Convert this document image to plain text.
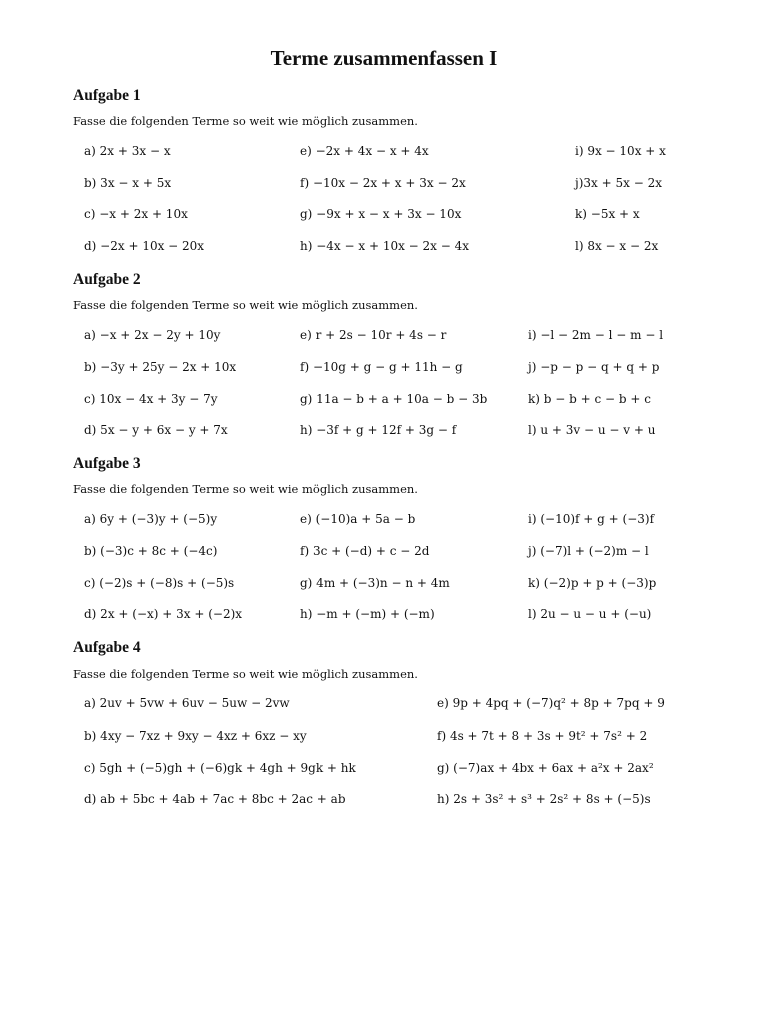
Terme zusammenfassen I
Aufgabe 1
Fasse die folgenden Terme so weit wie möglich zusammen.
a) 2x + 3x − x	e) −2x + 4x − x + 4x	i) 9x − 10x + x
b) 3x − x + 5x	f) −10x − 2x + x + 3x − 2x	j)3x + 5x − 2x
c) −x + 2x + 10x	g) −9x + x − x + 3x − 10x	k) −5x + x
d) −2x + 10x − 20x	h) −4x − x + 10x − 2x − 4x	l) 8x − x − 2x
Aufgabe 2
Fasse die folgenden Terme so weit wie möglich zusammen.
a) −x + 2x − 2y + 10y	e) r + 2s − 10r + 4s − r	i) −l − 2m − l − m − l
b) −3y + 25y − 2x + 10x	f) −10g + g − g + 11h − g	j) −p − p − q + q + p
c) 10x − 4x + 3y − 7y	g) 11a − b + a + 10a − b − 3b	k) b − b + c − b + c
d) 5x − y + 6x − y + 7x	h) −3f + g + 12f + 3g − f	l) u + 3v − u − v + u
Aufgabe 3
Fasse die folgenden Terme so weit wie möglich zusammen.
a) 6y + (−3)y + (−5)y	e) (−10)a + 5a − b	i) (−10)f + g + (−3)f
b) (−3)c + 8c + (−4c)	f) 3c + (−d) + c − 2d	j) (−7)l + (−2)m − l
c) (−2)s + (−8)s + (−5)s	g) 4m + (−3)n − n + 4m	k) (−2)p + p + (−3)p
d) 2x + (−x) + 3x + (−2)x	h) −m + (−m) + (−m)	l) 2u − u − u + (−u)
Aufgabe 4
Fasse die folgenden Terme so weit wie möglich zusammen.
a) 2uv + 5vw + 6uv − 5uw − 2vw	e) 9p + 4pq + (−7)q² + 8p + 7pq + 9
b) 4xy − 7xz + 9xy − 4xz + 6xz − xy	f) 4s + 7t + 8 + 3s + 9t² + 7s² + 2
c) 5gh + (−5)gh + (−6)gk + 4gh + 9gk + hk	g) (−7)ax + 4bx + 6ax + a²x + 2ax²
d) ab + 5bc + 4ab + 7ac + 8bc + 2ac + ab	h) 2s + 3s² + s³ + 2s² + 8s + (−5)s
